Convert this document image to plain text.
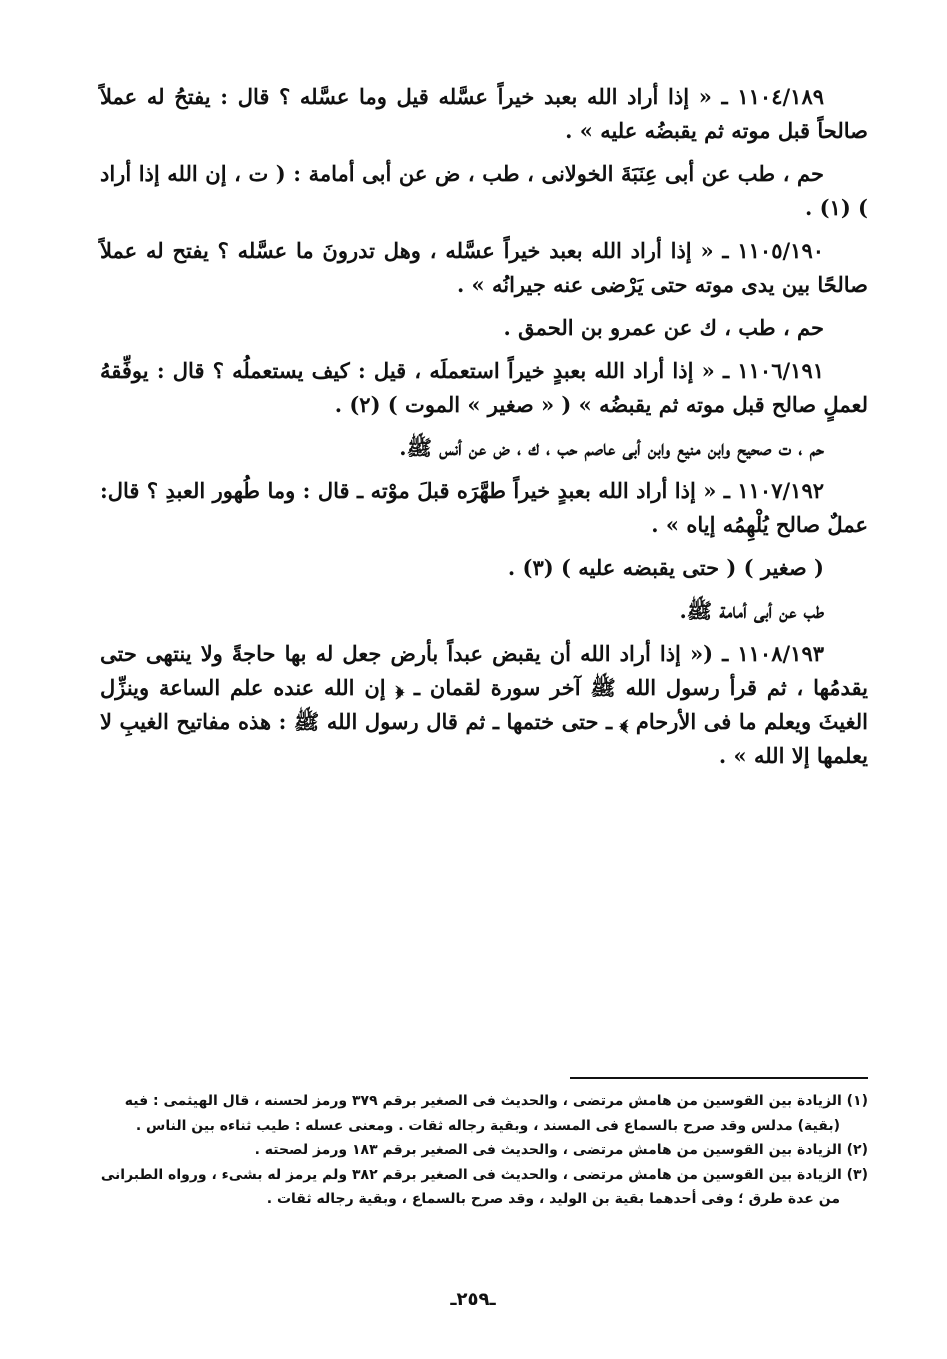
١١٠٤/١٨٩ ـ « إذا أراد الله بعبد خيراً عسَّله قيل وما عسَّله ؟ قال : يفتحُ له عملاً صالحاً قبل موته ثم يقبضُه عليه » .

حم ، طب عن أبى عِنَبَةَ الخولانى ، طب ، ض عن أبى أمامة : ( ت ، إن الله إذا أراد ) (١) .

١١٠٥/١٩٠ ـ « إذا أراد الله بعبد خيراً عسَّله ، وهل تدرونَ ما عسَّله ؟ يفتح له عملاً صالحًا بين يدى موته حتى يَرْضى عنه جيرانُه » .

حم ، طب ، ك عن عمرو بن الحمق .

١١٠٦/١٩١ ـ « إذا أراد الله بعبدٍ خيراً استعملَه ، قيل : كيف يستعملُه ؟ قال : يوفِّقهُ لعملٍ صالح قبل موته ثم يقبضُه » ( « صغير » الموت ) (٢) .

حم ، ت صحيح وابن منيع وابن أبى عاصم حب ، ك ، ض عن أنس ﷺ.

١١٠٧/١٩٢ ـ « إذا أراد الله بعبدٍ خيراً طهَّرَه قبلَ موْته ـ قال : وما طُهور العبدِ ؟ قال: عملٌ صالح يُلْهِمُه إياه » .

( صغير ) ( حتى يقبضه عليه ) (٣) .

طب عن أبى أمامة ﷺ.

١١٠٨/١٩٣ ـ (« إذا أراد الله أن يقبض عبداً بأرض جعل له بها حاجةً ولا ينتهى حتى يقدمُها ، ثم قرأ رسول الله ﷺ آخر سورة لقمان ـ ﴿ إن الله عنده علم الساعة وينزِّل الغيثَ ويعلم ما فى الأرحام ﴾ ـ حتى ختمها ـ ثم قال رسول الله ﷺ : هذه مفاتيح الغيبِ لا يعلمها إلا الله » .

(١) الزيادة بين القوسين من هامش مرتضى ، والحديث فى الصغير برقم ٣٧٩ ورمز لحسنه ، قال الهيثمى : فيه

(بقية) مدلس وقد صرح بالسماع فى المسند ، وبقية رجاله ثقات . ومعنى عسله : طيب ثناءه بين الناس .

(٢) الزيادة بين القوسين من هامش مرتضى ، والحديث فى الصغير برقم ١٨٣ ورمز لصحته .

(٣) الزيادة بين القوسين من هامش مرتضى ، والحديث فى الصغير برقم ٣٨٢ ولم يرمز له بشىء ، ورواه الطبرانى

من عدة طرق ؛ وفى أحدهما بقية بن الوليد ، وقد صرح بالسماع ، وبقية رجاله ثقات .

ـ٢٥٩ـ
